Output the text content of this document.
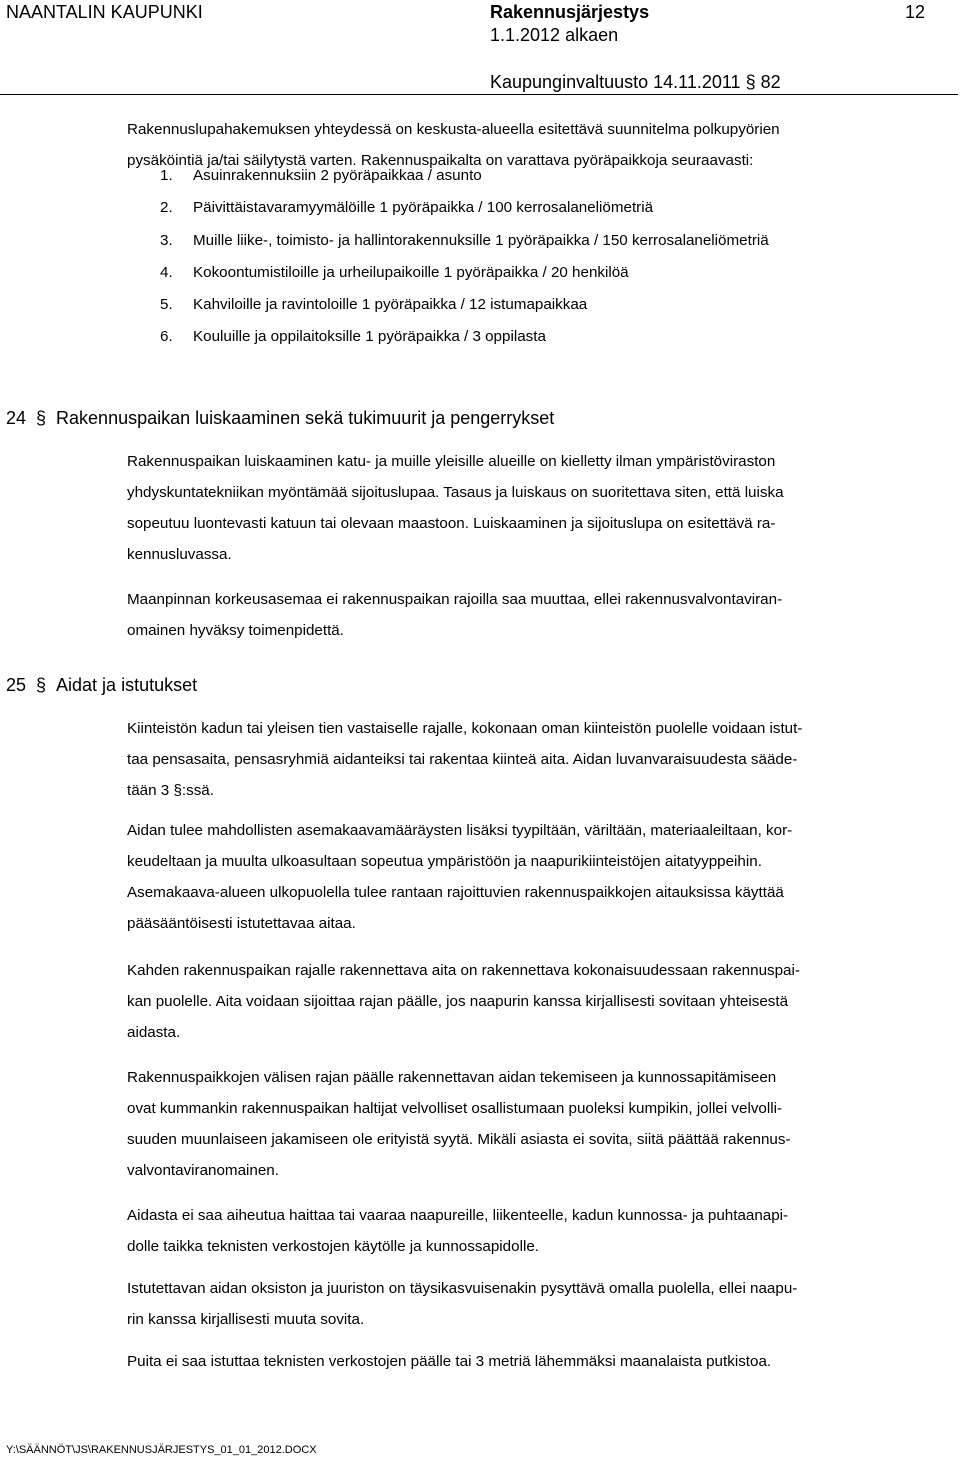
NAANTALIN KAUPUNKI	Rakennusjärjestys	12
1.1.2012 alkaen
Kaupunginvaltuusto 14.11.2011 § 82

Rakennuslupahakemuksen yhteydessä on keskusta-alueella esitettävä suunnitelma polkupyörien
pysäköintiä ja/tai säilytystä varten. Rakennuspaikalta on varattava pyöräpaikkoja seuraavasti:

1. Asuinrakennuksiin 2 pyöräpaikkaa / asunto
2. Päivittäistavaramyymälöille 1 pyöräpaikka / 100 kerrosalaneliömetriä
3. Muille liike-, toimisto- ja hallintorakennuksille 1 pyöräpaikka / 150 kerrosalaneliömetriä
4. Kokoontumistiloille ja urheilupaikoille 1 pyöräpaikka / 20 henkilöä
5. Kahviloille ja ravintoloille 1 pyöräpaikka / 12 istumapaikkaa
6. Kouluille ja oppilaitoksille 1 pyöräpaikka / 3 oppilasta
24 § Rakennuspaikan luiskaaminen sekä tukimuurit ja pengerrykset

Rakennuspaikan luiskaaminen katu- ja muille yleisille alueille on kielletty ilman ympäristöviraston
yhdyskuntatekniikan myöntämää sijoituslupaa. Tasaus ja luiskaus on suoritettava siten, että luiska
sopeutuu luontevasti katuun tai olevaan maastoon. Luiskaaminen ja sijoituslupa on esitettävä ra-
kennusluvassa.

Maanpinnan korkeusasemaa ei rakennuspaikan rajoilla saa muuttaa, ellei rakennusvalvontaviran-
omainen hyväksy toimenpidettä.

25 § Aidat ja istutukset

Kiinteistön kadun tai yleisen tien vastaiselle rajalle, kokonaan oman kiinteistön puolelle voidaan istut-
taa pensasaita, pensasryhmiä aidanteiksi tai rakentaa kiinteä aita. Aidan luvanvaraisuudesta sääde-
tään 3 §:ssä.

Aidan tulee mahdollisten asemakaavamääräysten lisäksi tyypiltään, väriltään, materiaaleiltaan, kor-
keudeltaan ja muulta ulkoasultaan sopeutua ympäristöön ja naapurikiinteistöjen aitatyyppeihin.
Asemakaava-alueen ulkopuolella tulee rantaan rajoittuvien rakennuspaikkojen aitauksissa käyttää
pääsääntöisesti istutettavaa aitaa.

Kahden rakennuspaikan rajalle rakennettava aita on rakennettava kokonaisuudessaan rakennuspai-
kan puolelle. Aita voidaan sijoittaa rajan päälle, jos naapurin kanssa kirjallisesti sovitaan yhteisestä
aidasta.

Rakennuspaikkojen välisen rajan päälle rakennettavan aidan tekemiseen ja kunnossapitämiseen
ovat kummankin rakennuspaikan haltijat velvolliset osallistumaan puoleksi kumpikin, jollei velvolli-
suuden muunlaiseen jakamiseen ole erityistä syytä. Mikäli asiasta ei sovita, siitä päättää rakennus-
valvontaviranomainen.

Aidasta ei saa aiheutua haittaa tai vaaraa naapureille, liikenteelle, kadun kunnossa- ja puhtaanapi-
dolle taikka teknisten verkostojen käytölle ja kunnossapidolle.

Istutettavan aidan oksiston ja juuriston on täysikasvuisenakin pysyttävä omalla puolella, ellei naapu-
rin kanssa kirjallisesti muuta sovita.

Puita ei saa istuttaa teknisten verkostojen päälle tai 3 metriä lähemmäksi maanalaista putkistoa.

Y:\SÄÄNNÖT\JS\RAKENNUSJÄRJESTYS_01_01_2012.DOCX
